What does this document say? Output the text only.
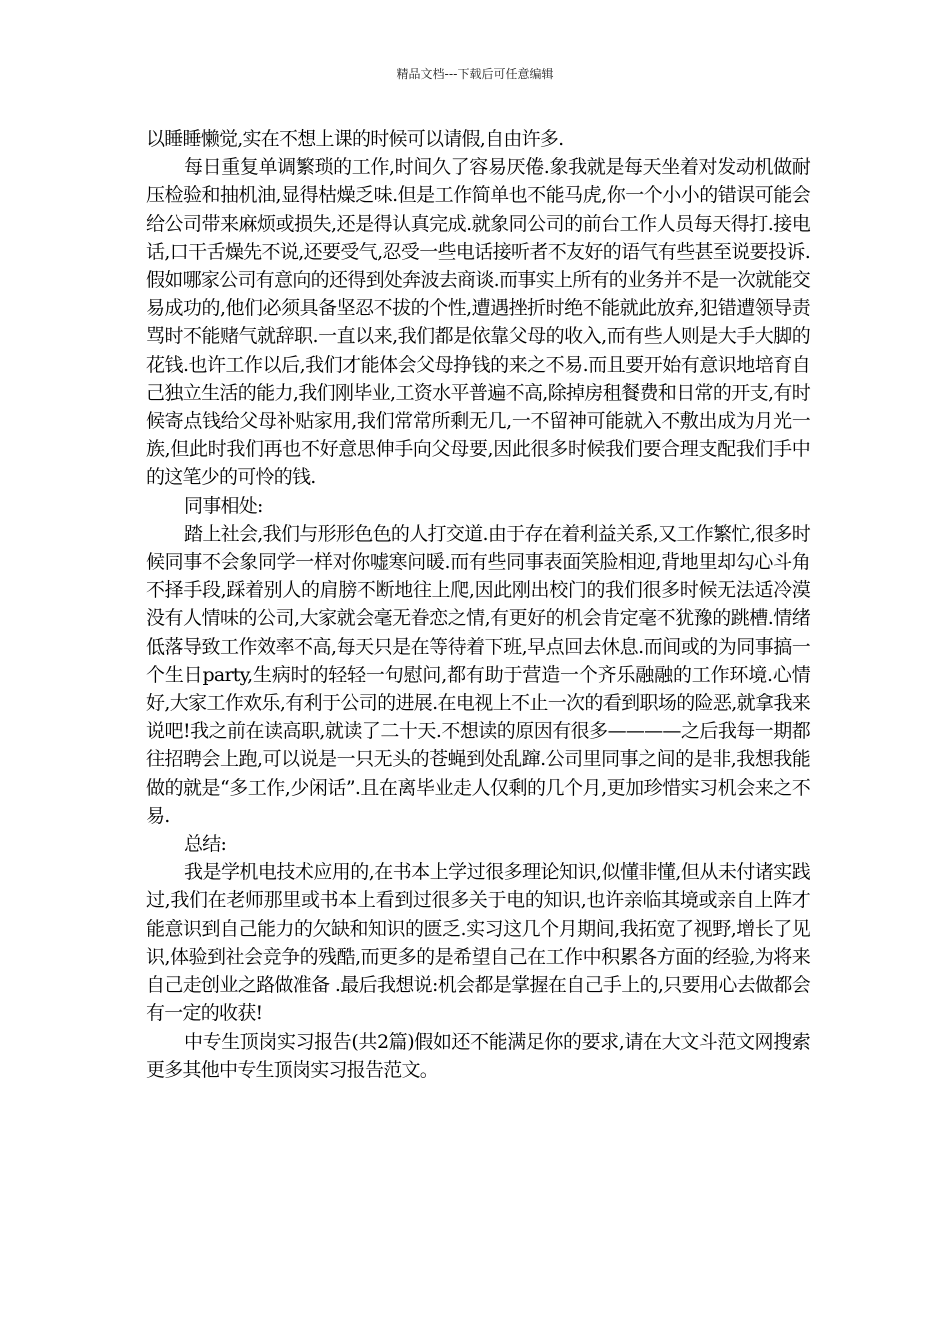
精品文档---下载后可任意编辑

以睡睡懒觉,实在不想上课的时候可以请假,自由许多.

每日重复单调繁琐的工作,时间久了容易厌倦.象我就是每天坐着对发动机做耐压检验和抽机油,显得枯燥乏味.但是工作简单也不能马虎,你一个小小的错误可能会给公司带来麻烦或损失,还是得认真完成.就象同公司的前台工作人员每天得打.接电话,口干舌燥先不说,还要受气,忍受一些电话接听者不友好的语气有些甚至说要投诉.假如哪家公司有意向的还得到处奔波去商谈.而事实上所有的业务并不是一次就能交易成功的,他们必须具备坚忍不拔的个性,遭遇挫折时绝不能就此放弃,犯错遭领导责骂时不能赌气就辞职.一直以来,我们都是依靠父母的收入,而有些人则是大手大脚的花钱.也许工作以后,我们才能体会父母挣钱的来之不易.而且要开始有意识地培育自己独立生活的能力,我们刚毕业,工资水平普遍不高,除掉房租餐费和日常的开支,有时候寄点钱给父母补贴家用,我们常常所剩无几,一不留神可能就入不敷出成为月光一族,但此时我们再也不好意思伸手向父母要,因此很多时候我们要合理支配我们手中的这笔少的可怜的钱.

同事相处:

踏上社会,我们与形形色色的人打交道.由于存在着利益关系,又工作繁忙,很多时候同事不会象同学一样对你嘘寒问暖.而有些同事表面笑脸相迎,背地里却勾心斗角不择手段,踩着别人的肩膀不断地往上爬,因此刚出校门的我们很多时候无法适冷漠没有人情味的公司,大家就会毫无眷恋之情,有更好的机会肯定毫不犹豫的跳槽.情绪低落导致工作效率不高,每天只是在等待着下班,早点回去休息.而间或的为同事搞一个生日party,生病时的轻轻一句慰问,都有助于营造一个齐乐融融的工作环境.心情好,大家工作欢乐,有利于公司的进展.在电视上不止一次的看到职场的险恶,就拿我来说吧!我之前在读高职,就读了二十天.不想读的原因有很多————之后我每一期都往招聘会上跑,可以说是一只无头的苍蝇到处乱蹿.公司里同事之间的是非,我想我能做的就是“多工作,少闲话”.且在离毕业走人仅剩的几个月,更加珍惜实习机会来之不易.

总结:

我是学机电技术应用的,在书本上学过很多理论知识,似懂非懂,但从未付诸实践过,我们在老师那里或书本上看到过很多关于电的知识,也许亲临其境或亲自上阵才能意识到自己能力的欠缺和知识的匮乏.实习这几个月期间,我拓宽了视野,增长了见识,体验到社会竞争的残酷,而更多的是希望自己在工作中积累各方面的经验,为将来自己走创业之路做准备 .最后我想说:机会都是掌握在自己手上的,只要用心去做都会有一定的收获!

中专生顶岗实习报告(共2篇)假如还不能满足你的要求,请在大文斗范文网搜索更多其他中专生顶岗实习报告范文。
